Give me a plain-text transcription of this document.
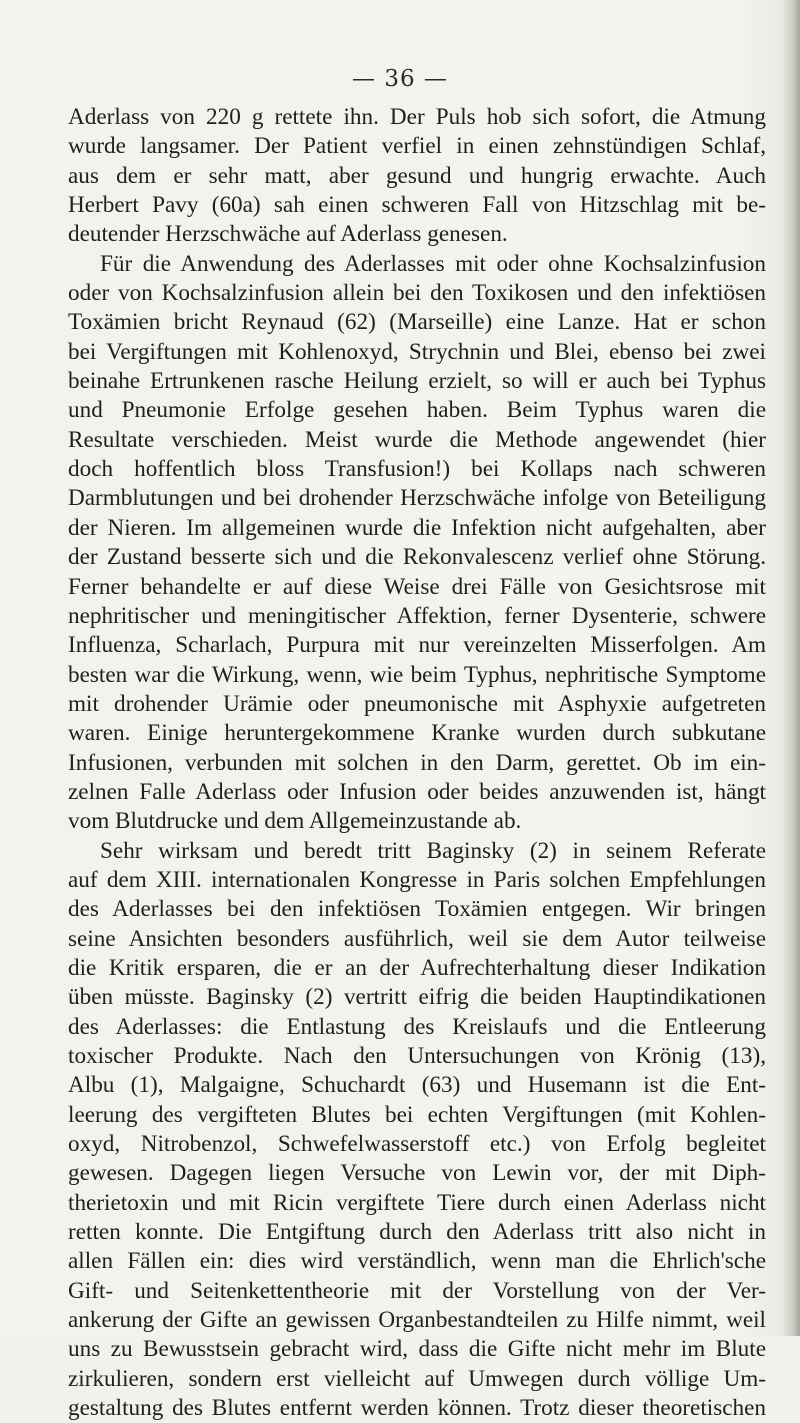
— 36 —
Aderlass von 220 g rettete ihn. Der Puls hob sich sofort, die Atmung
wurde langsamer. Der Patient verfiel in einen zehnstündigen Schlaf,
aus dem er sehr matt, aber gesund und hungrig erwachte. Auch
Herbert Pavy (60a) sah einen schweren Fall von Hitzschlag mit be-
deutender Herzschwäche auf Aderlass genesen.
Für die Anwendung des Aderlasses mit oder ohne Kochsalzinfusion
oder von Kochsalzinfusion allein bei den Toxikosen und den infektiösen
Toxämien bricht Reynaud (62) (Marseille) eine Lanze. Hat er schon
bei Vergiftungen mit Kohlenoxyd, Strychnin und Blei, ebenso bei zwei
beinahe Ertrunkenen rasche Heilung erzielt, so will er auch bei Typhus
und Pneumonie Erfolge gesehen haben. Beim Typhus waren die
Resultate verschieden. Meist wurde die Methode angewendet (hier
doch hoffentlich bloss Transfusion!) bei Kollaps nach schweren
Darmblutungen und bei drohender Herzschwäche infolge von Beteiligung
der Nieren. Im allgemeinen wurde die Infektion nicht aufgehalten, aber
der Zustand besserte sich und die Rekonvalescenz verlief ohne Störung.
Ferner behandelte er auf diese Weise drei Fälle von Gesichtsrose mit
nephritischer und meningitischer Affektion, ferner Dysenterie, schwere
Influenza, Scharlach, Purpura mit nur vereinzelten Misserfolgen. Am
besten war die Wirkung, wenn, wie beim Typhus, nephritische Symptome
mit drohender Urämie oder pneumonische mit Asphyxie aufgetreten
waren. Einige heruntergekommene Kranke wurden durch subkutane
Infusionen, verbunden mit solchen in den Darm, gerettet. Ob im ein-
zelnen Falle Aderlass oder Infusion oder beides anzuwenden ist, hängt
vom Blutdrucke und dem Allgemeinzustande ab.
Sehr wirksam und beredt tritt Baginsky (2) in seinem Referate
auf dem XIII. internationalen Kongresse in Paris solchen Empfehlungen
des Aderlasses bei den infektiösen Toxämien entgegen. Wir bringen
seine Ansichten besonders ausführlich, weil sie dem Autor teilweise
die Kritik ersparen, die er an der Aufrechterhaltung dieser Indikation
üben müsste. Baginsky (2) vertritt eifrig die beiden Hauptindikationen
des Aderlasses: die Entlastung des Kreislaufs und die Entleerung
toxischer Produkte. Nach den Untersuchungen von Krönig (13),
Albu (1), Malgaigne, Schuchardt (63) und Husemann ist die Ent-
leerung des vergifteten Blutes bei echten Vergiftungen (mit Kohlen-
oxyd, Nitrobenzol, Schwefelwasserstoff etc.) von Erfolg begleitet
gewesen. Dagegen liegen Versuche von Lewin vor, der mit Diph-
therietoxin und mit Ricin vergiftete Tiere durch einen Aderlass nicht
retten konnte. Die Entgiftung durch den Aderlass tritt also nicht in
allen Fällen ein: dies wird verständlich, wenn man die Ehrlich'sche
Gift- und Seitenkettentheorie mit der Vorstellung von der Ver-
ankerung der Gifte an gewissen Organbestandteilen zu Hilfe nimmt, weil
uns zu Bewusstsein gebracht wird, dass die Gifte nicht mehr im Blute
zirkulieren, sondern erst vielleicht auf Umwegen durch völlige Um-
gestaltung des Blutes entfernt werden können. Trotz dieser theoretischen
